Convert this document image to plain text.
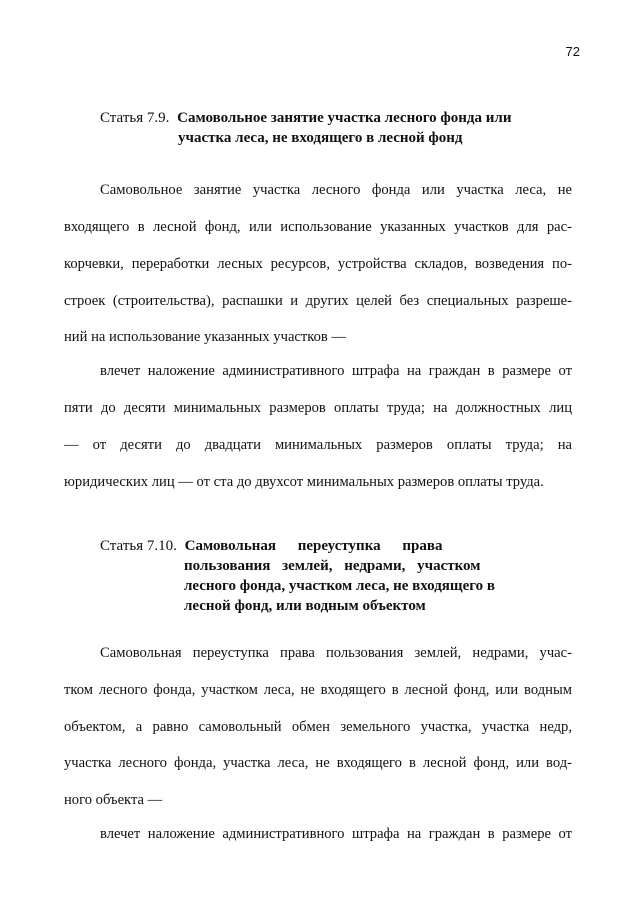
72
Статья 7.9. Самовольное занятие участка лесного фонда или
участка леса, не входящего в лесной фонд
Самовольное занятие участка лесного фонда или участка леса, не
входящего в лесной фонд, или использование указанных участков для рас-
корчевки, переработки лесных ресурсов, устройства складов, возведения по-
строек (строительства), распашки и других целей без специальных разреше-
ний на использование указанных участков —
влечет наложение административного штрафа на граждан в размере от
пяти до десяти минимальных размеров оплаты труда; на должностных лиц
— от десяти до двадцати минимальных размеров оплаты труда; на
юридических лиц — от ста до двухсот минимальных размеров оплаты труда.
Статья 7.10. Самовольная переуступка права
пользования землей, недрами, участком
лесного фонда, участком леса, не входящего в
лесной фонд, или водным объектом
Самовольная переуступка права пользования землей, недрами, учас-
тком лесного фонда, участком леса, не входящего в лесной фонд, или водным
объектом, а равно самовольный обмен земельного участка, участка недр,
участка лесного фонда, участка леса, не входящего в лесной фонд, или вод-
ного объекта —
влечет наложение административного штрафа на граждан в размере от
